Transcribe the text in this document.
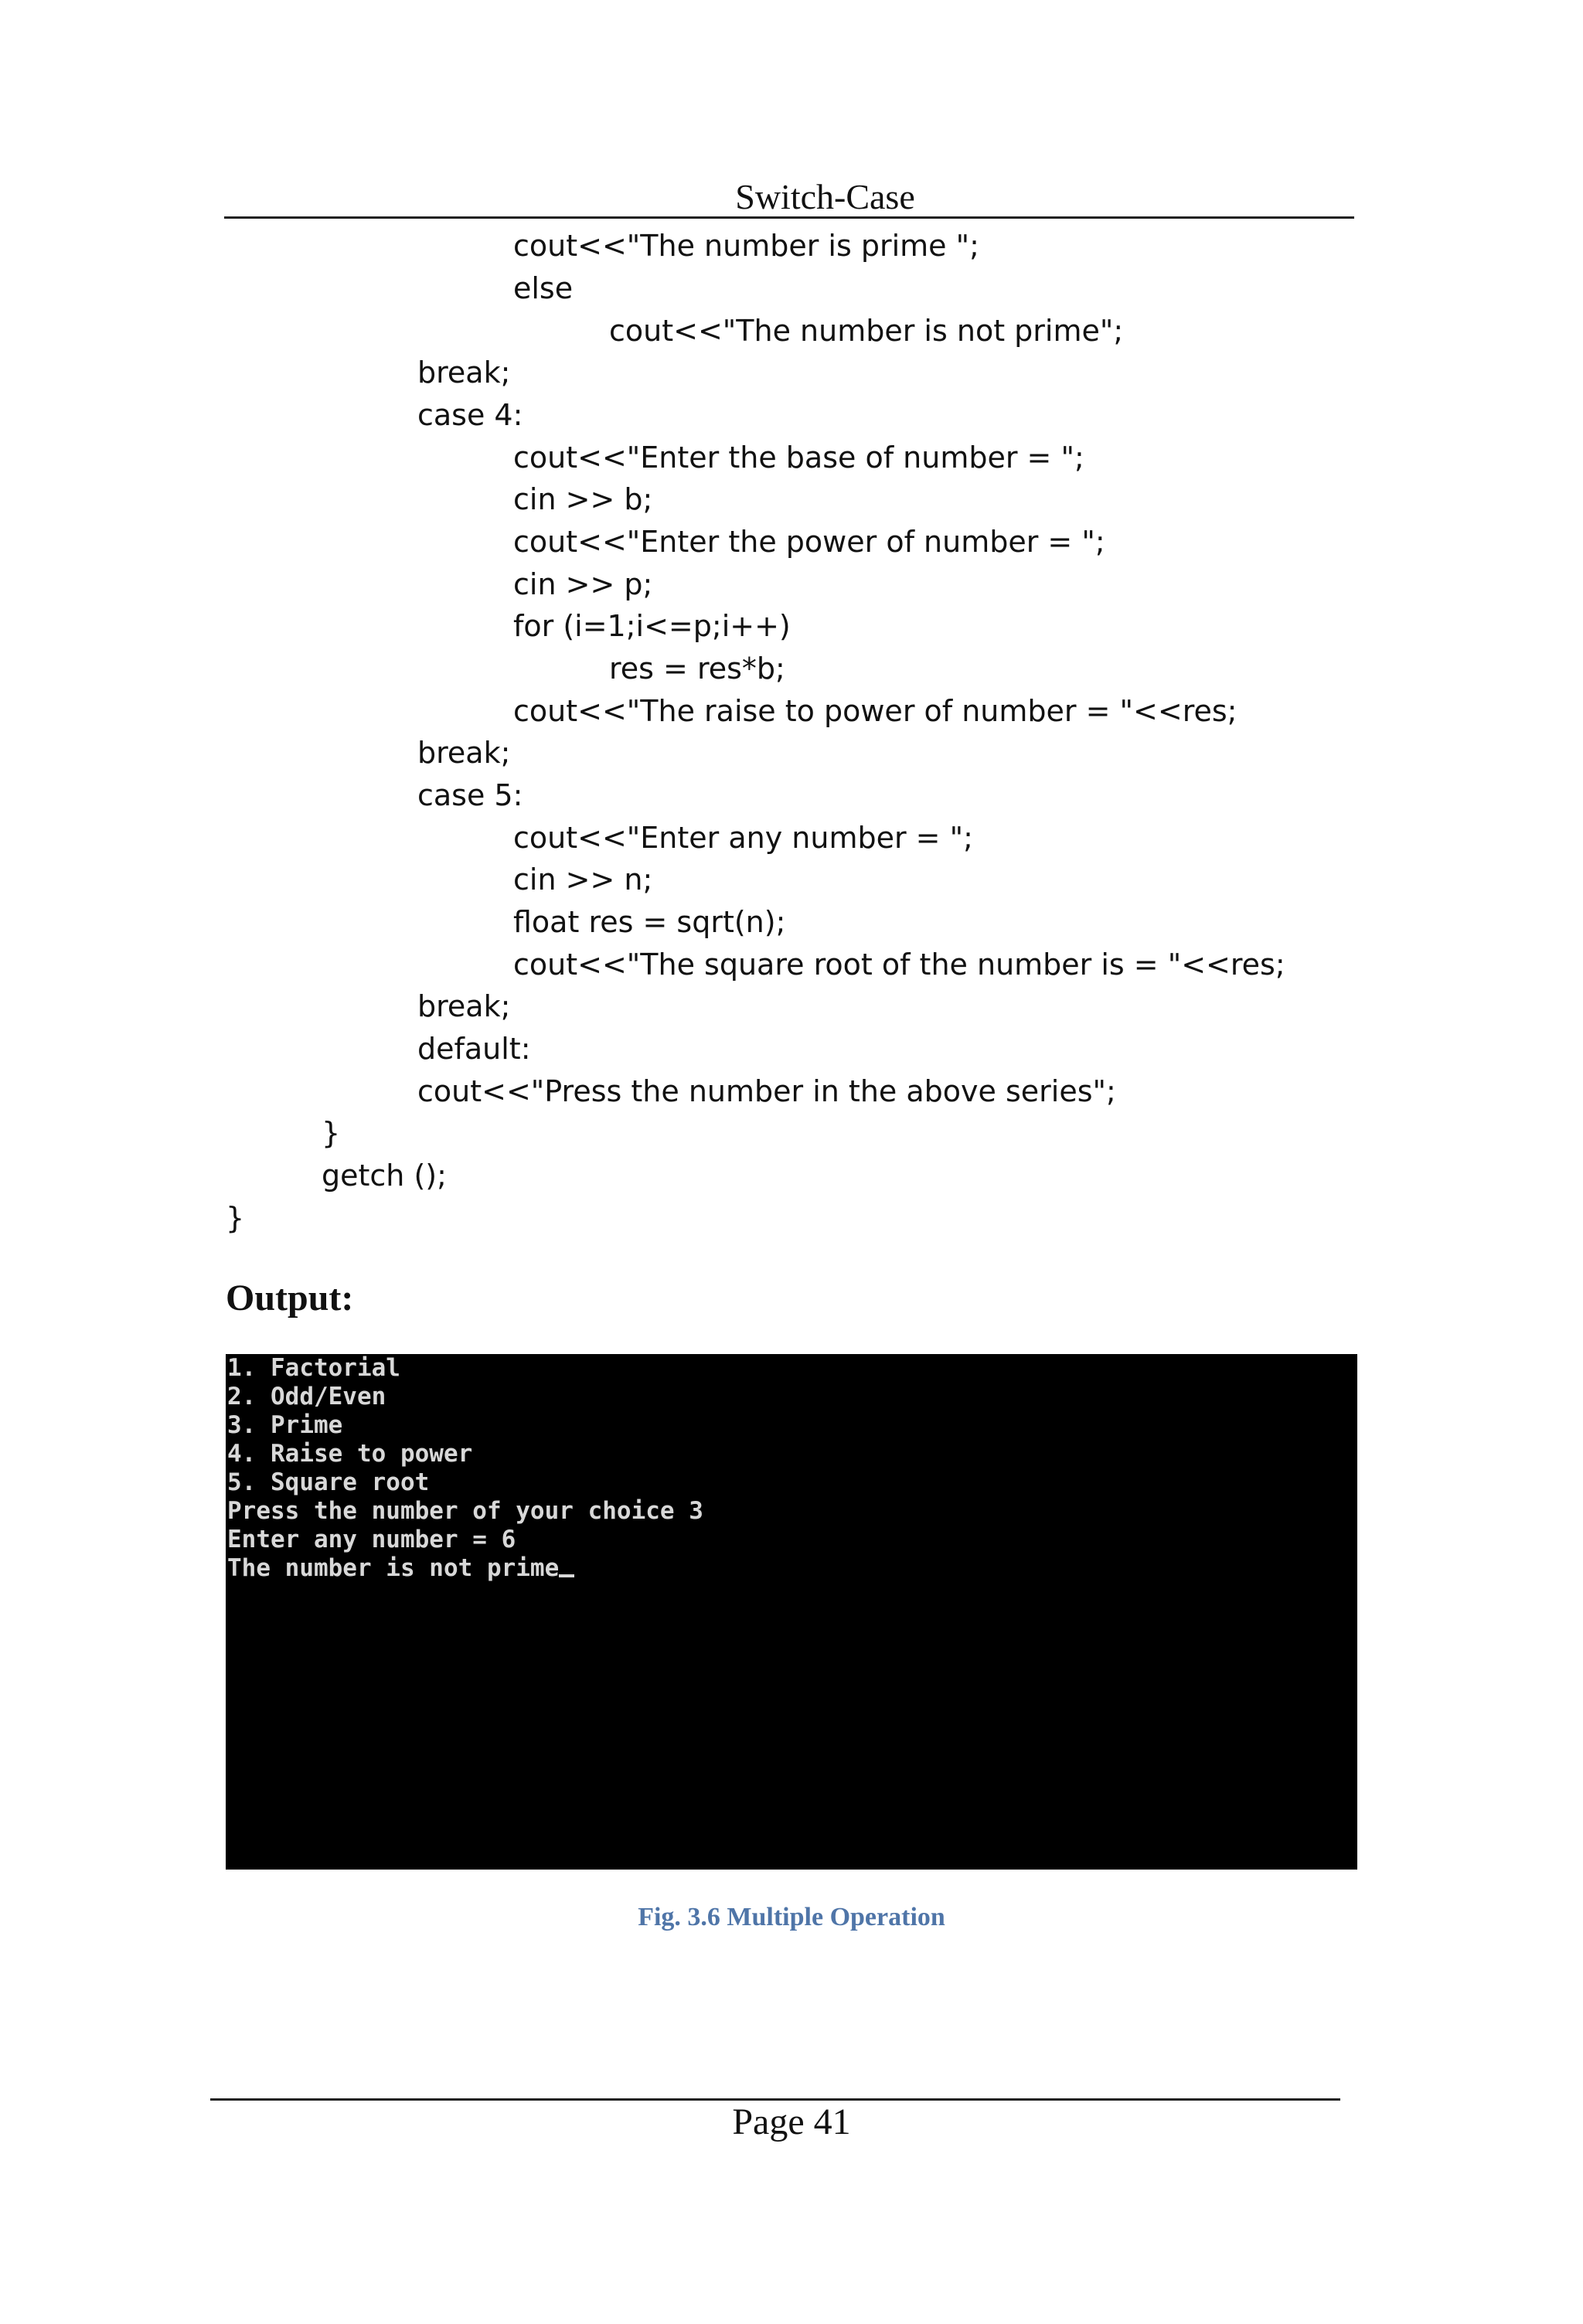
Switch-Case
cout<<"The number is prime ";
else
cout<<"The number is not prime";
break;
case 4:
cout<<"Enter the base of number = ";
cin >> b;
cout<<"Enter the power of number = ";
cin >> p;
for (i=1;i<=p;i++)
res = res*b;
cout<<"The raise to power of number = "<<res;
break;
case 5:
cout<<"Enter any number = ";
cin >> n;
float res = sqrt(n);
cout<<"The square root of the number is = "<<res;
break;
default:
cout<<"Press the number in the above series";
}
getch ();
}
Output:
1. Factorial
2. Odd/Even
3. Prime
4. Raise to power
5. Square root
Press the number of your choice 3
Enter any number = 6
The number is not prime
Fig. 3.6 Multiple Operation
Page 41
